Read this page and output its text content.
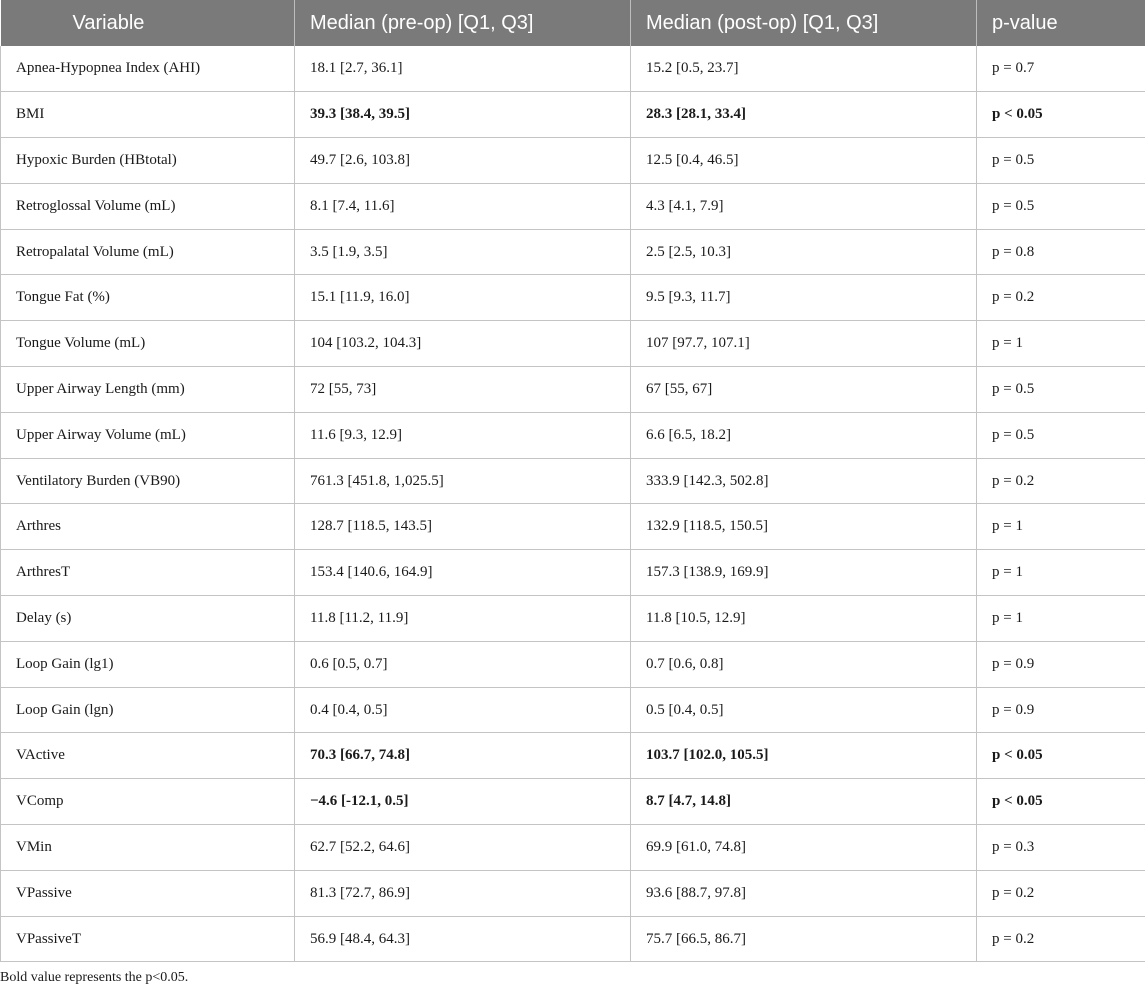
Variable	Median (pre-op) [Q1, Q3]	Median (post-op) [Q1, Q3]	p-value
Apnea-Hypopnea Index (AHI)	18.1 [2.7, 36.1]	15.2 [0.5, 23.7]	p = 0.7
BMI	39.3 [38.4, 39.5]	28.3 [28.1, 33.4]	p < 0.05
Hypoxic Burden (HBtotal)	49.7 [2.6, 103.8]	12.5 [0.4, 46.5]	p = 0.5
Retroglossal Volume (mL)	8.1 [7.4, 11.6]	4.3 [4.1, 7.9]	p = 0.5
Retropalatal Volume (mL)	3.5 [1.9, 3.5]	2.5 [2.5, 10.3]	p = 0.8
Tongue Fat (%)	15.1 [11.9, 16.0]	9.5 [9.3, 11.7]	p = 0.2
Tongue Volume (mL)	104 [103.2, 104.3]	107 [97.7, 107.1]	p = 1
Upper Airway Length (mm)	72 [55, 73]	67 [55, 67]	p = 0.5
Upper Airway Volume (mL)	11.6 [9.3, 12.9]	6.6 [6.5, 18.2]	p = 0.5
Ventilatory Burden (VB90)	761.3 [451.8, 1,025.5]	333.9 [142.3, 502.8]	p = 0.2
Arthres	128.7 [118.5, 143.5]	132.9 [118.5, 150.5]	p = 1
ArthresT	153.4 [140.6, 164.9]	157.3 [138.9, 169.9]	p = 1
Delay (s)	11.8 [11.2, 11.9]	11.8 [10.5, 12.9]	p = 1
Loop Gain (lg1)	0.6 [0.5, 0.7]	0.7 [0.6, 0.8]	p = 0.9
Loop Gain (lgn)	0.4 [0.4, 0.5]	0.5 [0.4, 0.5]	p = 0.9
VActive	70.3 [66.7, 74.8]	103.7 [102.0, 105.5]	p < 0.05
VComp	−4.6 [-12.1, 0.5]	8.7 [4.7, 14.8]	p < 0.05
VMin	62.7 [52.2, 64.6]	69.9 [61.0, 74.8]	p = 0.3
VPassive	81.3 [72.7, 86.9]	93.6 [88.7, 97.8]	p = 0.2
VPassiveT	56.9 [48.4, 64.3]	75.7 [66.5, 86.7]	p = 0.2
Bold value represents the p<0.05.
